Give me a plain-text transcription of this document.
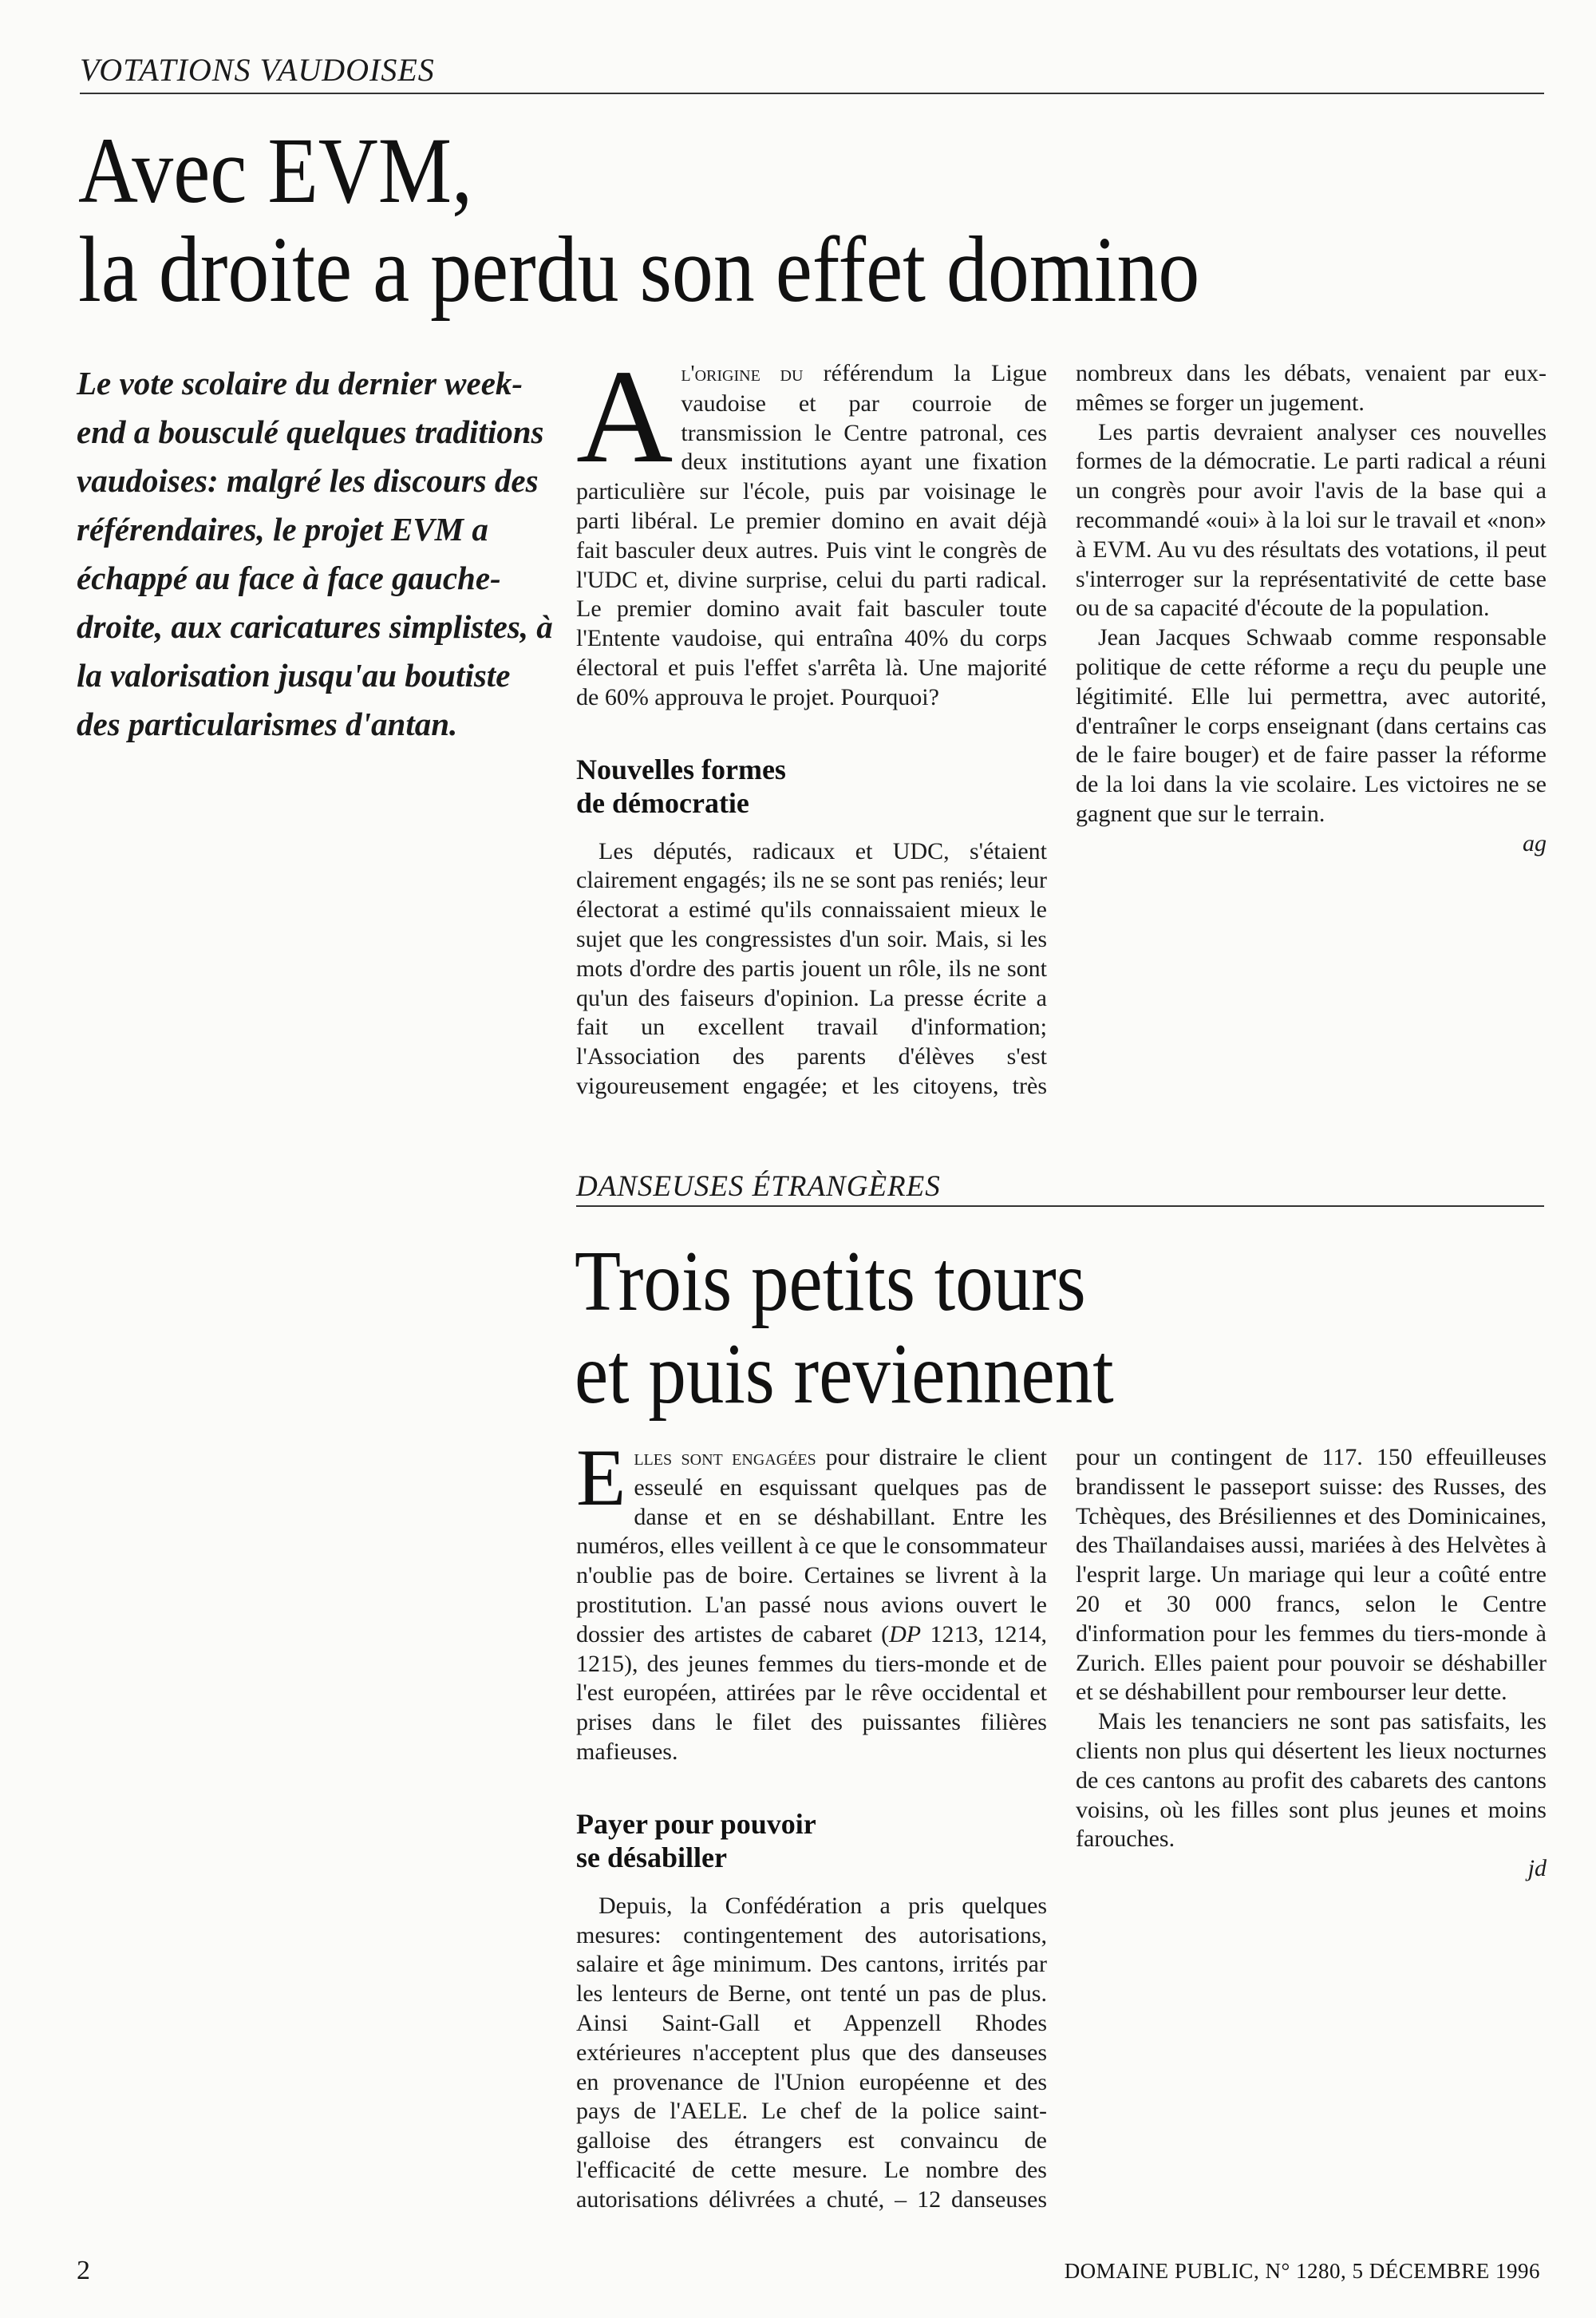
VOTATIONS VAUDOISES
Avec EVM,
la droite a perdu son effet domino

Le vote scolaire du dernier week-end a bousculé quelques traditions vaudoises: malgré les discours des référendaires, le projet EVM a échappé au face à face gauche-droite, aux caricatures simplistes, à la valorisation jusqu'au boutiste des particularismes d'antan.

Al'origine du référendum la Ligue vaudoise et par courroie de transmission le Centre patronal, ces deux institutions ayant une fixation particulière sur l'école, puis par voisinage le parti libéral. Le premier domino en avait déjà fait basculer deux autres. Puis vint le congrès de l'UDC et, divine surprise, celui du parti radical. Le premier domino avait fait basculer toute l'Entente vaudoise, qui entraîna 40% du corps électoral et puis l'effet s'arrêta là. Une majorité de 60% approuva le projet. Pourquoi?

Nouvelles formes
de démocratie

Les députés, radicaux et UDC, s'étaient clairement engagés; ils ne se sont pas reniés; leur électorat a estimé qu'ils connaissaient mieux le sujet que les congressistes d'un soir. Mais, si les mots d'ordre des partis jouent un rôle, ils ne sont qu'un des faiseurs d'opinion. La presse écrite a fait un excellent travail d'information; l'Association des parents d'élèves s'est vigoureusement engagée; et les citoyens, très nombreux dans les débats, venaient par eux-mêmes se forger un jugement.

Les partis devraient analyser ces nouvelles formes de la démocratie. Le parti radical a réuni un congrès pour avoir l'avis de la base qui a recommandé «oui» à la loi sur le travail et «non» à EVM. Au vu des résultats des votations, il peut s'interroger sur la représentativité de cette base ou de sa capacité d'écoute de la population.

Jean Jacques Schwaab comme responsable politique de cette réforme a reçu du peuple une légitimité. Elle lui permettra, avec autorité, d'entraîner le corps enseignant (dans certains cas de le faire bouger) et de faire passer la réforme de la loi dans la vie scolaire. Les victoires ne se gagnent que sur le terrain.

ag

DANSEUSES ÉTRANGÈRES
Trois petits tours
et puis reviennent

Elles sont engagées pour distraire le client esseulé en esquissant quelques pas de danse et en se déshabillant. Entre les numéros, elles veillent à ce que le consommateur n'oublie pas de boire. Certaines se livrent à la prostitution. L'an passé nous avions ouvert le dossier des artistes de cabaret (DP 1213, 1214, 1215), des jeunes femmes du tiers-monde et de l'est européen, attirées par le rêve occidental et prises dans le filet des puissantes filières mafieuses.

Payer pour pouvoir
se désabiller

Depuis, la Confédération a pris quelques mesures: contingentement des autorisations, salaire et âge minimum. Des cantons, irrités par les lenteurs de Berne, ont tenté un pas de plus. Ainsi Saint-Gall et Appenzell Rhodes extérieures n'acceptent plus que des danseuses en provenance de l'Union européenne et des pays de l'AELE. Le chef de la police saint-galloise des étrangers est convaincu de l'efficacité de cette mesure. Le nombre des autorisations délivrées a chuté, – 12 danseuses pour un contingent de 117. 150 effeuilleuses brandissent le passeport suisse: des Russes, des Tchèques, des Brésiliennes et des Dominicaines, des Thaïlandaises aussi, mariées à des Helvètes à l'esprit large. Un mariage qui leur a coûté entre 20 et 30 000 francs, selon le Centre d'information pour les femmes du tiers-monde à Zurich. Elles paient pour pouvoir se déshabiller et se déshabillent pour rembourser leur dette.

Mais les tenanciers ne sont pas satisfaits, les clients non plus qui désertent les lieux nocturnes de ces cantons au profit des cabarets des cantons voisins, où les filles sont plus jeunes et moins farouches.

jd

2	DOMAINE PUBLIC, N° 1280, 5 DÉCEMBRE 1996
